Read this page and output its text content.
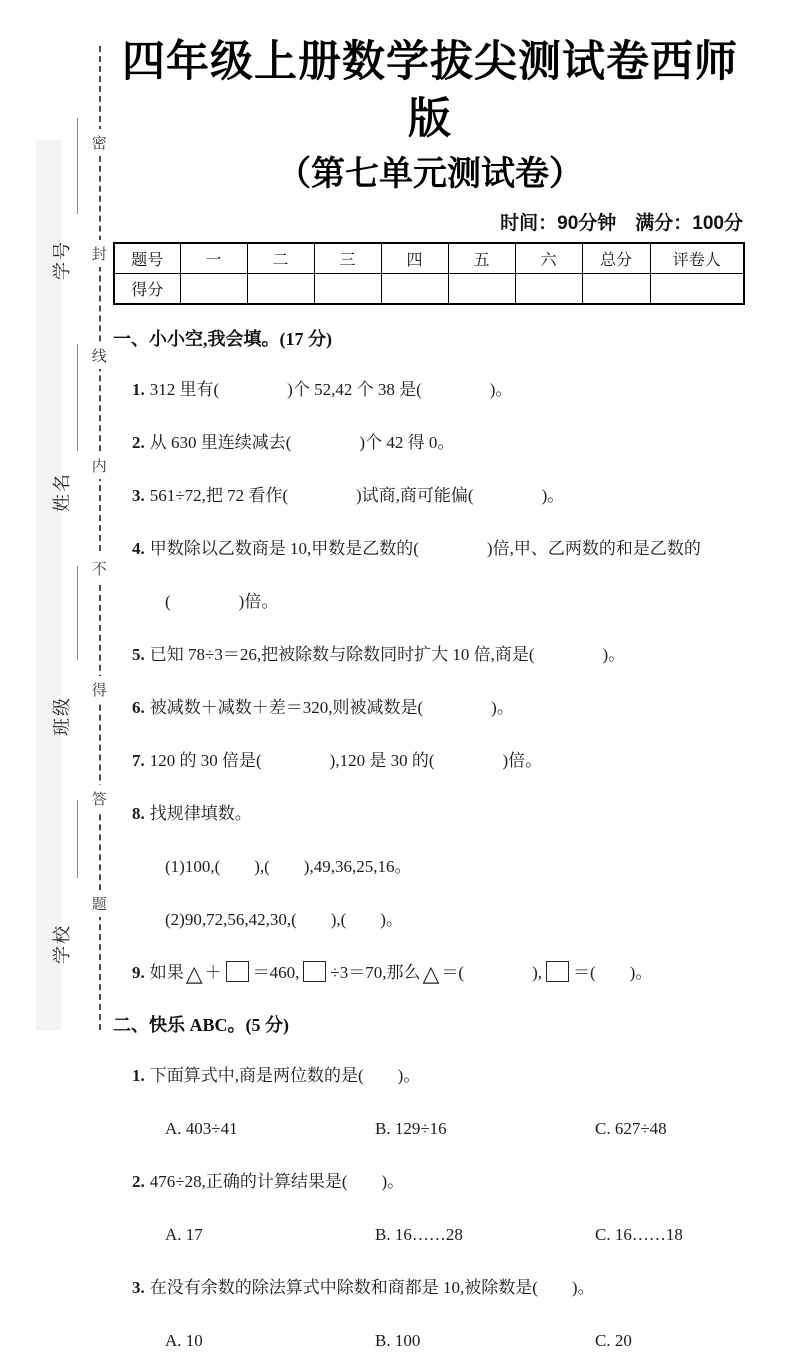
密
封
线
内
不
得
答
题
学号
姓名
班级
学校
四年级上册数学拔尖测试卷西师版
（第七单元测试卷）
时间：90分钟　满分：100分
题号	一	二	三	四	五	六	总分	评卷人
得分								
一、小小空,我会填。(17 分)

1. 312 里有(　　　　)个 52,42 个 38 是(　　　　)。

2. 从 630 里连续减去(　　　　)个 42 得 0。

3. 561÷72,把 72 看作(　　　　)试商,商可能偏(　　　　)。

4. 甲数除以乙数商是 10,甲数是乙数的(　　　　)倍,甲、乙两数的和是乙数的

(　　　　)倍。

5. 已知 78÷3＝26,把被除数与除数同时扩大 10 倍,商是(　　　　)。

6. 被减数＋减数＋差＝320,则被减数是(　　　　)。

7. 120 的 30 倍是(　　　　),120 是 30 的(　　　　)倍。

8. 找规律填数。

(1)100,(　　),(　　),49,36,25,16。

(2)90,72,56,42,30,(　　),(　　)。

9. 如果△ ＋ ＝460, ÷3＝70,那么△ ＝(　　　　), ＝(　　)。

二、快乐 ABC。(5 分)

1. 下面算式中,商是两位数的是(　　)。

A. 403÷41	B. 129÷16	C. 627÷48

2. 476÷28,正确的计算结果是(　　)。

A. 17	B. 16……28	C. 16……18

3. 在没有余数的除法算式中除数和商都是 10,被除数是(　　)。

A. 10	B. 100	C. 20
